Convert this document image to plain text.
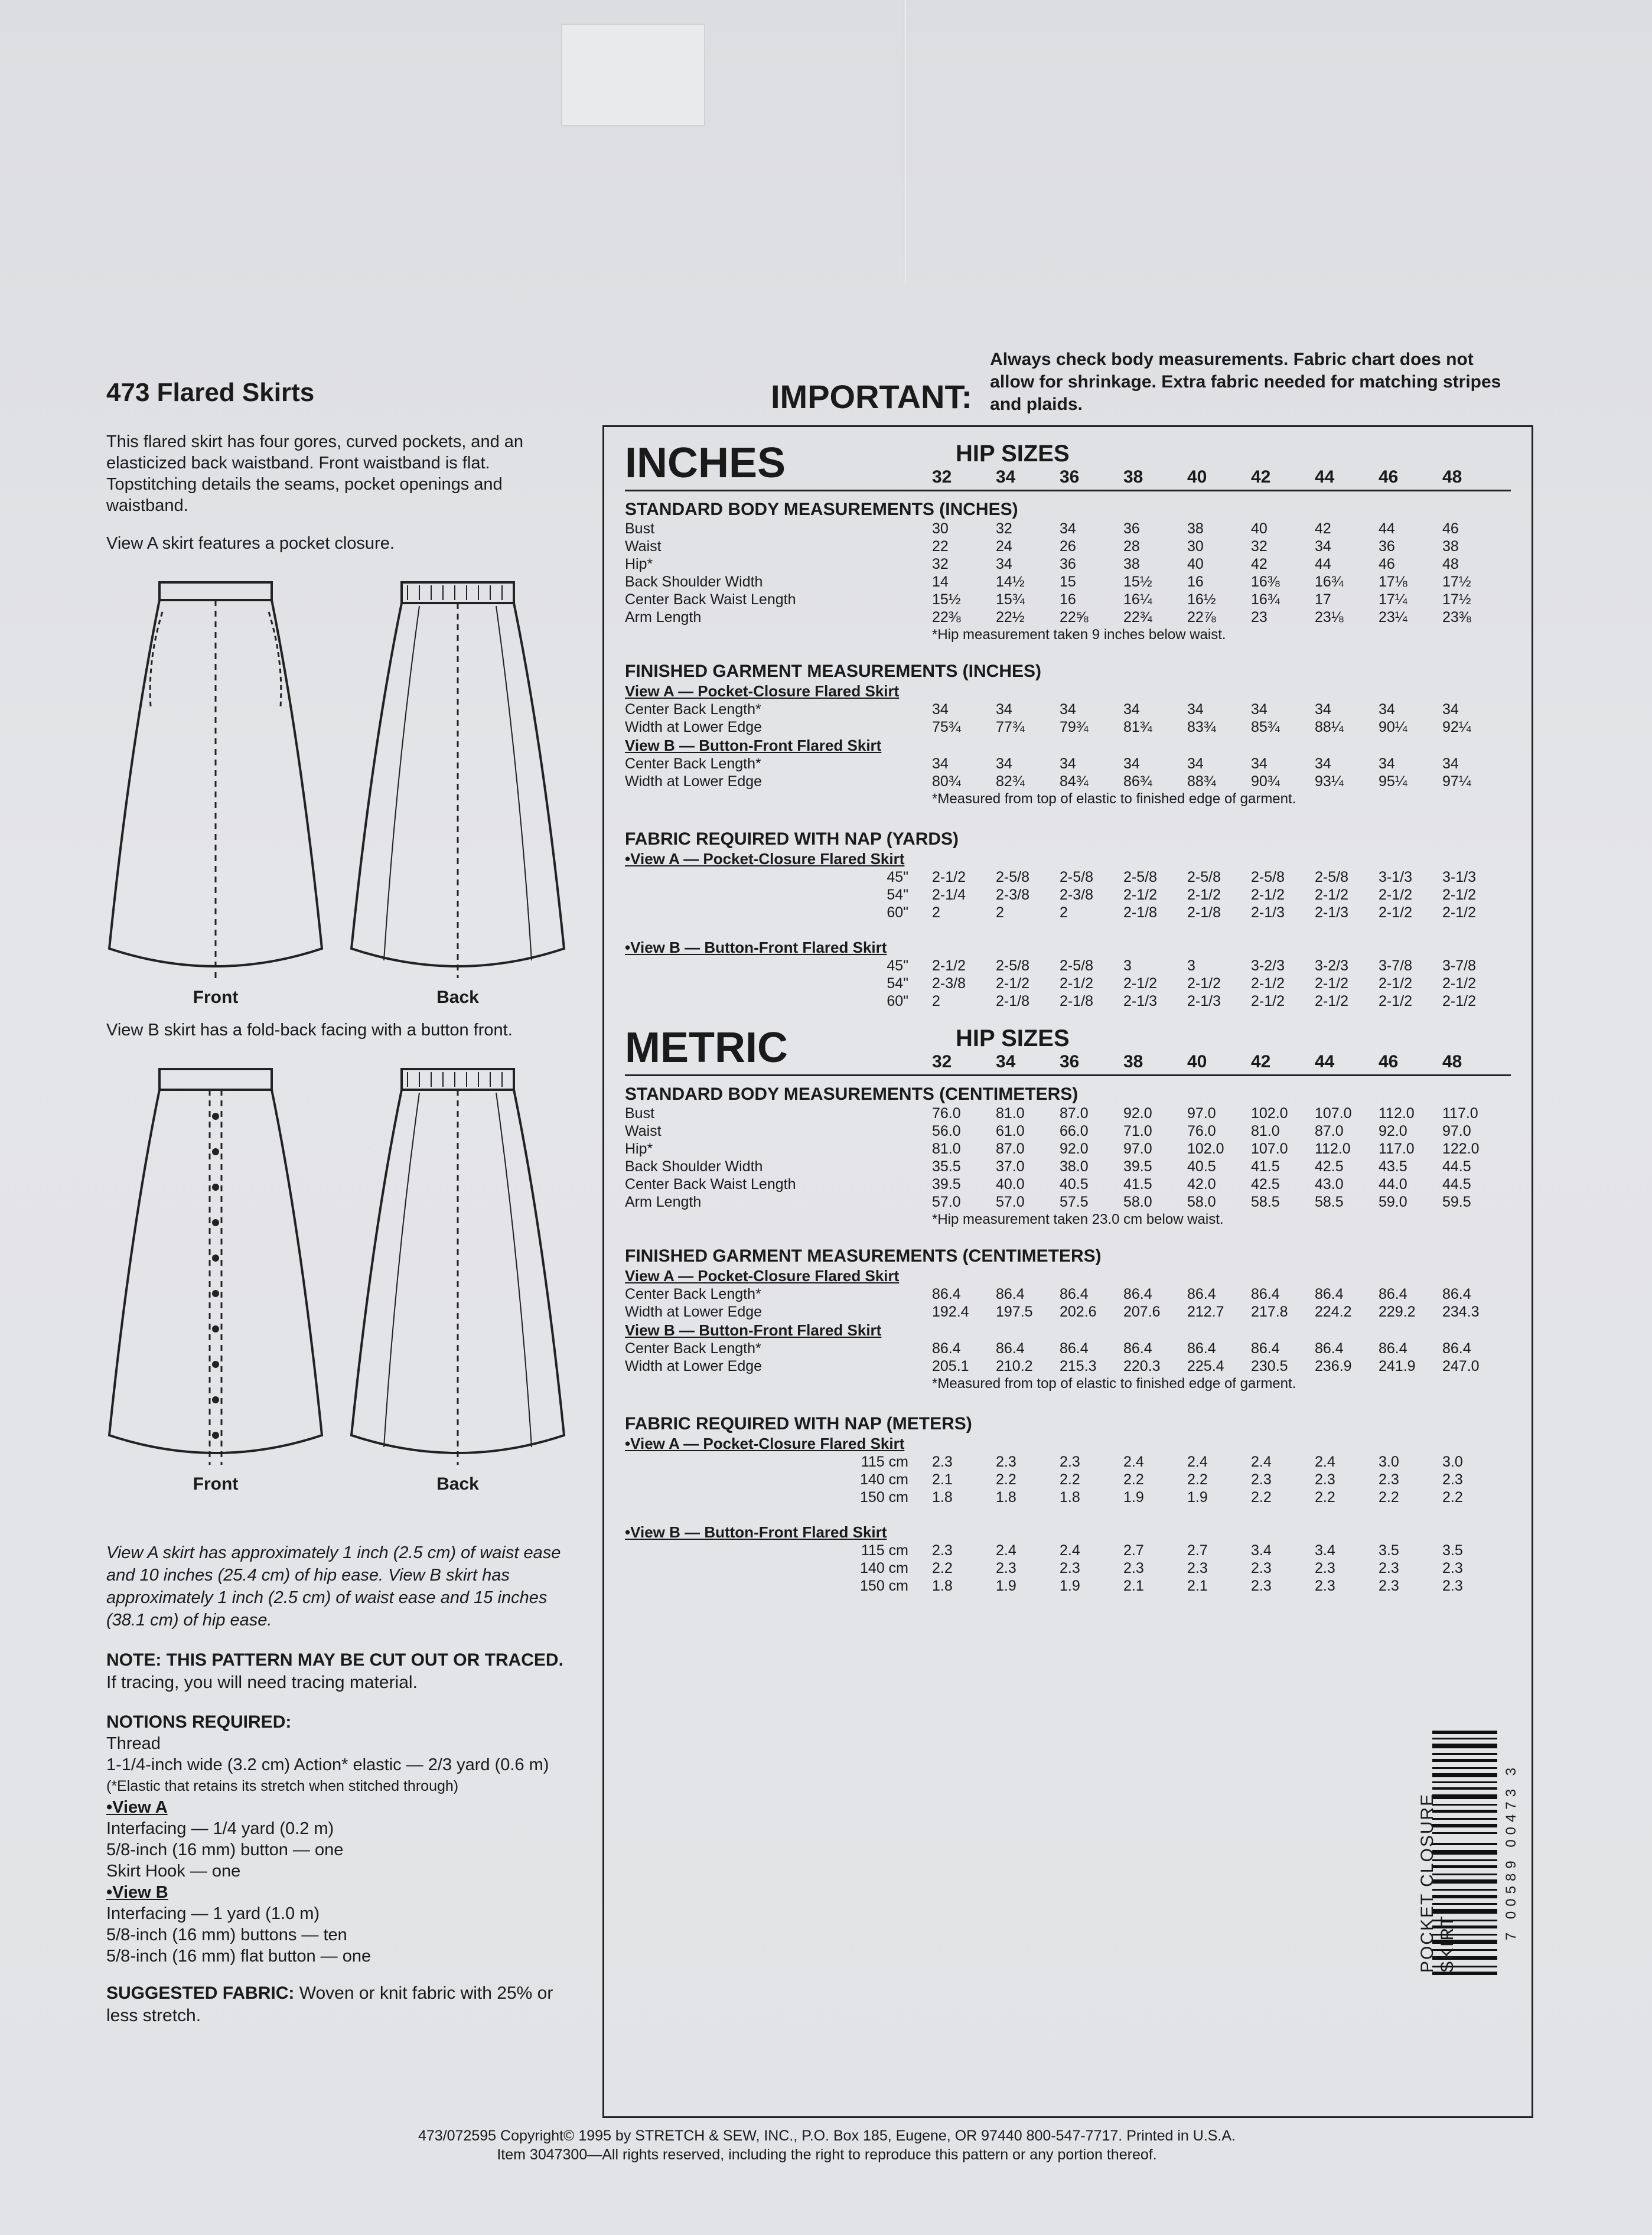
473 Flared Skirts
This flared skirt has four gores, curved pockets, and an elasticized back waistband. Front waistband is flat. Topstitching details the seams, pocket openings and waistband.
View A skirt features a pocket closure.
Front	Back
View B skirt has a fold-back facing with a button front.
Front	Back
View A skirt has approximately 1 inch (2.5 cm) of waist ease and 10 inches (25.4 cm) of hip ease. View B skirt has approximately 1 inch (2.5 cm) of waist ease and 15 inches (38.1 cm) of hip ease.
NOTE: THIS PATTERN MAY BE CUT OUT OR TRACED. If tracing, you will need tracing material.
NOTIONS REQUIRED:
Thread
1-1/4-inch wide (3.2 cm) Action* elastic — 2/3 yard (0.6 m)
(*Elastic that retains its stretch when stitched through)
•View A
Interfacing — 1/4 yard (0.2 m)
5/8-inch (16 mm) button — one
Skirt Hook — one
•View B
Interfacing — 1 yard (1.0 m)
5/8-inch (16 mm) buttons — ten
5/8-inch (16 mm) flat button — one
SUGGESTED FABRIC: Woven or knit fabric with 25% or less stretch.
IMPORTANT:
Always check body measurements. Fabric chart does not allow for shrinkage. Extra fabric needed for matching stripes and plaids.
INCHES	HIP SIZES
32	34	36	38	40	42	44	46	48
STANDARD BODY MEASUREMENTS (INCHES)
Bust	30	32	34	36	38	40	42	44	46
Waist	22	24	26	28	30	32	34	36	38
Hip*	32	34	36	38	40	42	44	46	48
Back Shoulder Width	14	14½	15	15½	16	16⅜	16¾	17⅛	17½
Center Back Waist Length	15½	15¾	16	16¼	16½	16¾	17	17¼	17½
Arm Length	22⅜	22½	22⅝	22¾	22⅞	23	23⅛	23¼	23⅜
*Hip measurement taken 9 inches below waist.
FINISHED GARMENT MEASUREMENTS (INCHES)
View A — Pocket-Closure Flared Skirt
Center Back Length*	34	34	34	34	34	34	34	34	34
Width at Lower Edge	75¾	77¾	79¾	81¾	83¾	85¾	88¼	90¼	92¼
View B — Button-Front Flared Skirt
Center Back Length*	34	34	34	34	34	34	34	34	34
Width at Lower Edge	80¾	82¾	84¾	86¾	88¾	90¾	93¼	95¼	97¼
*Measured from top of elastic to finished edge of garment.
FABRIC REQUIRED WITH NAP (YARDS)
•View A — Pocket-Closure Flared Skirt
45"	2-1/2	2-5/8	2-5/8	2-5/8	2-5/8	2-5/8	2-5/8	3-1/3	3-1/3
54"	2-1/4	2-3/8	2-3/8	2-1/2	2-1/2	2-1/2	2-1/2	2-1/2	2-1/2
60"	2	2	2	2-1/8	2-1/8	2-1/3	2-1/3	2-1/2	2-1/2
•View B — Button-Front Flared Skirt
45"	2-1/2	2-5/8	2-5/8	3	3	3-2/3	3-2/3	3-7/8	3-7/8
54"	2-3/8	2-1/2	2-1/2	2-1/2	2-1/2	2-1/2	2-1/2	2-1/2	2-1/2
60"	2	2-1/8	2-1/8	2-1/3	2-1/3	2-1/2	2-1/2	2-1/2	2-1/2
METRIC	HIP SIZES
32	34	36	38	40	42	44	46	48
STANDARD BODY MEASUREMENTS (CENTIMETERS)
Bust	76.0	81.0	87.0	92.0	97.0	102.0	107.0	112.0	117.0
Waist	56.0	61.0	66.0	71.0	76.0	81.0	87.0	92.0	97.0
Hip*	81.0	87.0	92.0	97.0	102.0	107.0	112.0	117.0	122.0
Back Shoulder Width	35.5	37.0	38.0	39.5	40.5	41.5	42.5	43.5	44.5
Center Back Waist Length	39.5	40.0	40.5	41.5	42.0	42.5	43.0	44.0	44.5
Arm Length	57.0	57.0	57.5	58.0	58.0	58.5	58.5	59.0	59.5
*Hip measurement taken 23.0 cm below waist.
FINISHED GARMENT MEASUREMENTS (CENTIMETERS)
View A — Pocket-Closure Flared Skirt
Center Back Length*	86.4	86.4	86.4	86.4	86.4	86.4	86.4	86.4	86.4
Width at Lower Edge	192.4	197.5	202.6	207.6	212.7	217.8	224.2	229.2	234.3
View B — Button-Front Flared Skirt
Center Back Length*	86.4	86.4	86.4	86.4	86.4	86.4	86.4	86.4	86.4
Width at Lower Edge	205.1	210.2	215.3	220.3	225.4	230.5	236.9	241.9	247.0
*Measured from top of elastic to finished edge of garment.
FABRIC REQUIRED WITH NAP (METERS)
•View A — Pocket-Closure Flared Skirt
115 cm	2.3	2.3	2.3	2.4	2.4	2.4	2.4	3.0	3.0
140 cm	2.1	2.2	2.2	2.2	2.2	2.3	2.3	2.3	2.3
150 cm	1.8	1.8	1.8	1.9	1.9	2.2	2.2	2.2	2.2
•View B — Button-Front Flared Skirt
115 cm	2.3	2.4	2.4	2.7	2.7	3.4	3.4	3.5	3.5
140 cm	2.2	2.3	2.3	2.3	2.3	2.3	2.3	2.3	2.3
150 cm	1.8	1.9	1.9	2.1	2.1	2.3	2.3	2.3	2.3
7 00589 00473 3
POCKET CLOSURE SKIRT
473/072595 Copyright© 1995 by STRETCH & SEW, INC., P.O. Box 185, Eugene, OR 97440 800-547-7717. Printed in U.S.A.
Item 3047300—All rights reserved, including the right to reproduce this pattern or any portion thereof.
